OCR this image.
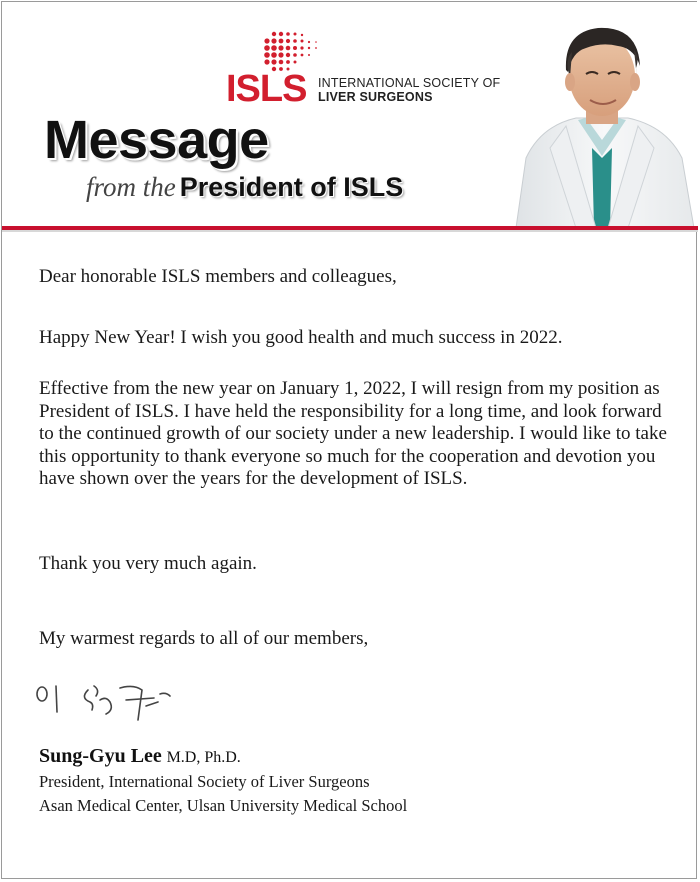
ISLS INTERNATIONAL SOCIETY OF
LIVER SURGEONS
Message
from the President of ISLS

Dear honorable ISLS members and colleagues,

Happy New Year! I wish you good health and much success in 2022.

Effective from the new year on January 1, 2022, I will resign from my position as President of ISLS. I have held the responsibility for a long time, and look forward to the continued growth of our society under a new leadership. I would like to take this opportunity to thank everyone so much for the cooperation and devotion you have shown over the years for the development of ISLS.

Thank you very much again.

My warmest regards to all of our members,

Sung-Gyu Lee M.D, Ph.D.
President, International Society of Liver Surgeons
Asan Medical Center, Ulsan University Medical School
